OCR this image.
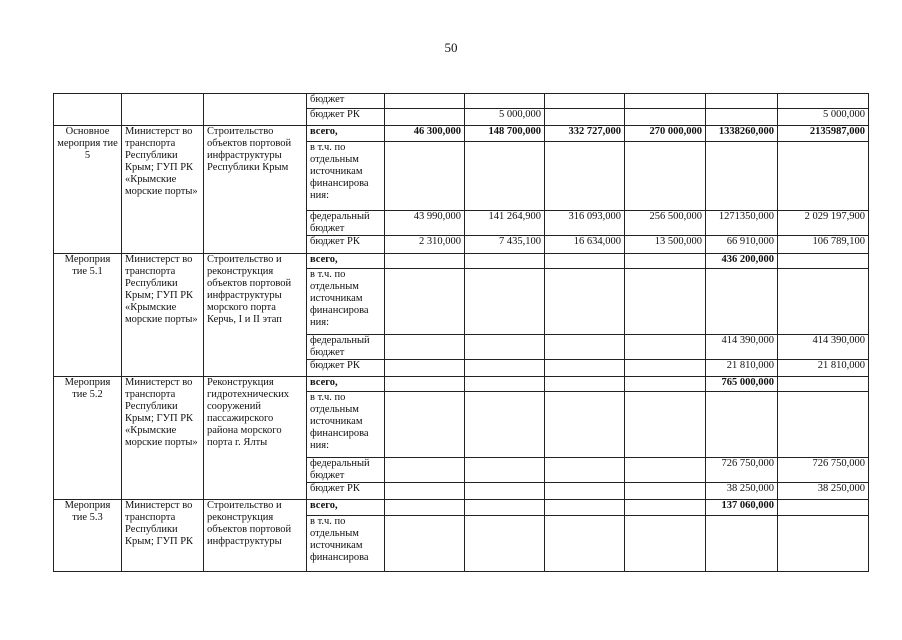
50
			бюджет						
			бюджет РК		5 000,000				5 000,000
Основное мероприя тие 5	Министерст во транспорта Республики Крым; ГУП РК «Крымские морские порты»	Строительство объектов портовой инфраструктуры Республики Крым	всего,	46 300,000	148 700,000	332 727,000	270 000,000	1338260,000	2135987,000
			в т.ч. по отдельным источникам финансирова ния:						
			федеральный бюджет	43 990,000	141 264,900	316 093,000	256 500,000	1271350,000	2 029 197,900
			бюджет РК	2 310,000	7 435,100	16 634,000	13 500,000	66 910,000	106 789,100
Мероприя тие 5.1	Министерст во транспорта Республики Крым; ГУП РК «Крымские морские порты»	Строительство и реконструкция объектов портовой инфраструктуры морского порта Керчь, I и II этап	всего,					436 200,000	
			в т.ч. по отдельным источникам финансирова ния:						
			федеральный бюджет					414 390,000	414 390,000
			бюджет РК					21 810,000	21 810,000
Мероприя тие 5.2	Министерст во транспорта Республики Крым; ГУП РК «Крымские морские порты»	Реконструкция гидротехнических сооружений пассажирского района морского порта г. Ялты	всего,					765 000,000	
			в т.ч. по отдельным источникам финансирова ния:						
			федеральный бюджет					726 750,000	726 750,000
			бюджет РК					38 250,000	38 250,000
Мероприя тие 5.3	Министерст во транспорта Республики Крым; ГУП РК	Строительство и реконструкция объектов портовой инфраструктуры	всего,					137 060,000	
			в т.ч. по отдельным источникам финансирова						
